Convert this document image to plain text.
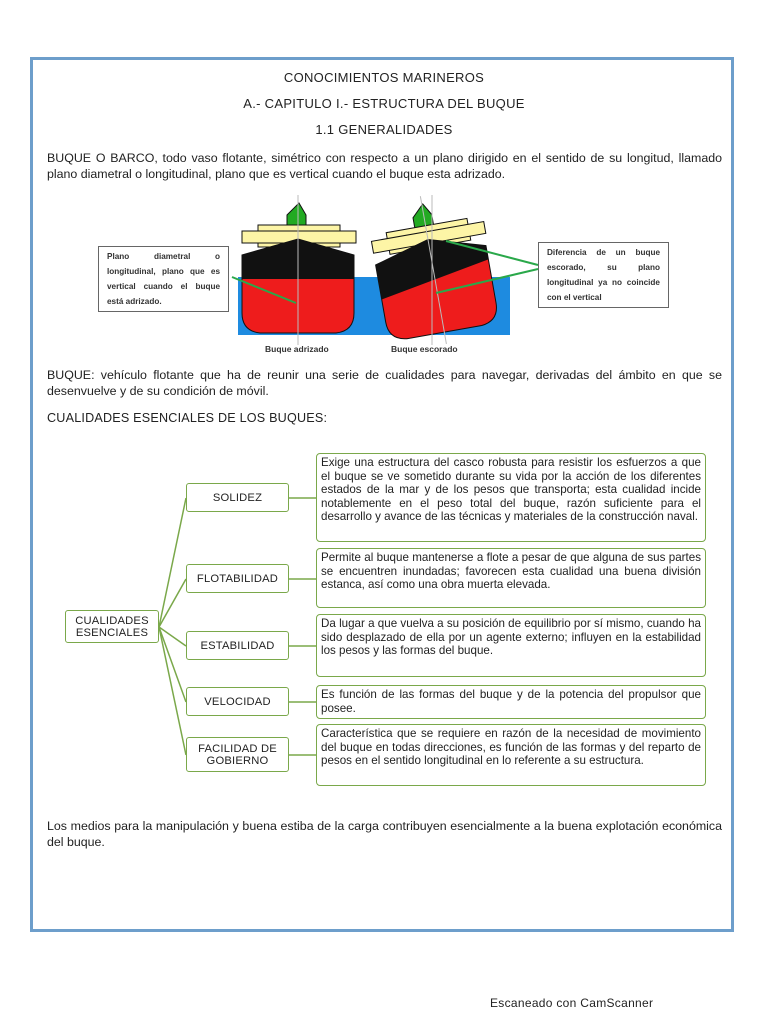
CONOCIMIENTOS MARINEROS
A.- CAPITULO I.- ESTRUCTURA DEL BUQUE
1.1 GENERALIDADES
BUQUE O BARCO, todo vaso flotante, simétrico con respecto a un plano dirigido en el sentido de su longitud, llamado plano diametral o longitudinal, plano que es vertical cuando el buque esta adrizado.
Plano diametral o longitudinal, plano que es vertical cuando el buque está adrizado.
Diferencia de un buque escorado, su plano longitudinal ya no coincide con el vertical
Buque adrizado	Buque escorado
BUQUE: vehículo flotante que ha de reunir una serie de cualidades para navegar, derivadas del ámbito en que se desenvuelve y de su condición de móvil.
CUALIDADES ESENCIALES DE LOS BUQUES:
CUALIDADES ESENCIALES
SOLIDEZ
FLOTABILIDAD
ESTABILIDAD
VELOCIDAD
FACILIDAD DE GOBIERNO
Exige una estructura del casco robusta para resistir los esfuerzos a que el buque se ve sometido durante su vida por la acción de los diferentes estados de la mar y de los pesos que transporta; esta cualidad incide notablemente en el peso total del buque, razón suficiente para el desarrollo y avance de las técnicas y materiales de la construcción naval.
Permite al buque mantenerse a flote a pesar de que alguna de sus partes se encuentren inundadas; favorecen esta cualidad una buena división estanca, así como una obra muerta elevada.
Da lugar a que vuelva a su posición de equilibrio por sí mismo, cuando ha sido desplazado de ella por un agente externo; influyen en la estabilidad los pesos y las formas del buque.
Es función de las formas del buque y de la potencia del propulsor que posee.
Característica que se requiere en razón de la necesidad de movimiento del buque en todas direcciones, es función de las formas y del reparto de pesos en el sentido longitudinal en lo referente a su estructura.
Los medios para la manipulación y buena estiba de la carga contribuyen esencialmente a la buena explotación económica del buque.
Escaneado con CamScanner
